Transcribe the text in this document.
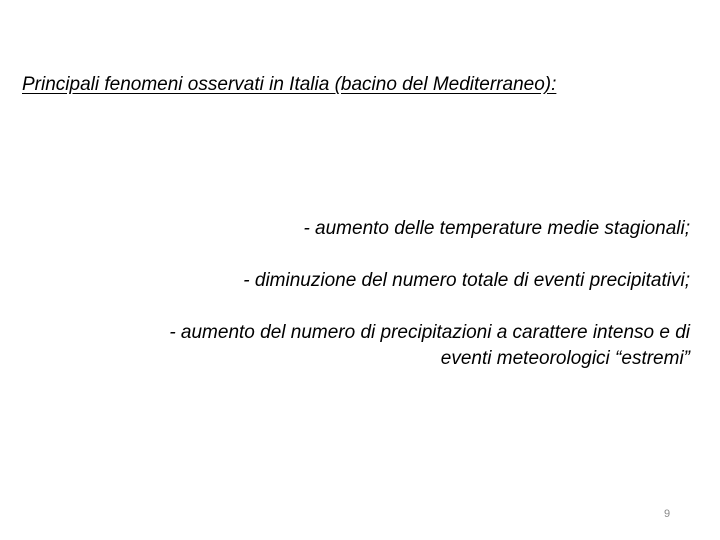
Principali fenomeni osservati in Italia (bacino del Mediterraneo):
- aumento delle temperature medie stagionali;
- diminuzione del numero totale di eventi precipitativi;
- aumento del numero di precipitazioni a carattere intenso e di
eventi meteorologici “estremi”
9
